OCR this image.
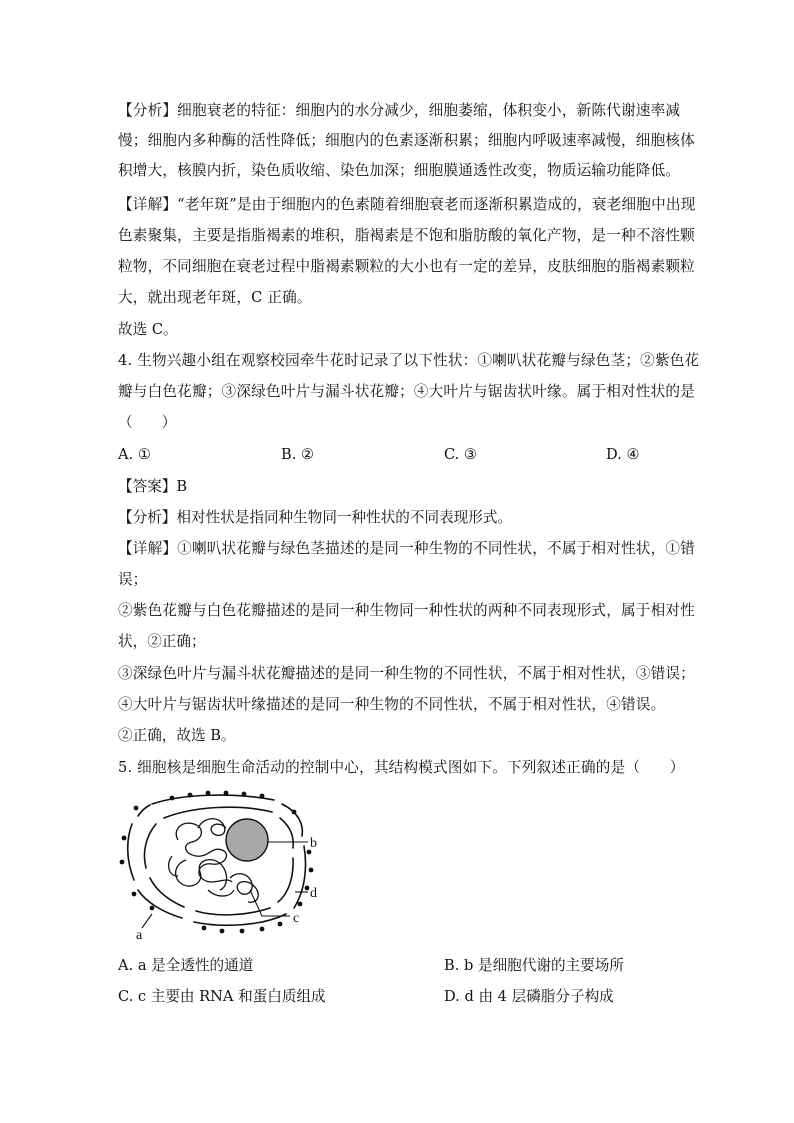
【分析】细胞衰老的特征：细胞内的水分减少，细胞萎缩，体积变小，新陈代谢速率减
慢；细胞内多种酶的活性降低；细胞内的色素逐渐积累；细胞内呼吸速率减慢，细胞核体
积增大，核膜内折，染色质收缩、染色加深；细胞膜通透性改变，物质运输功能降低。
【详解】“老年斑”是由于细胞内的色素随着细胞衰老而逐渐积累造成的，衰老细胞中出现
色素聚集，主要是指脂褐素的堆积，脂褐素是不饱和脂肪酸的氧化产物，是一种不溶性颗
粒物，不同细胞在衰老过程中脂褐素颗粒的大小也有一定的差异，皮肤细胞的脂褐素颗粒
大，就出现老年斑，C 正确。
故选 C。
4. 生物兴趣小组在观察校园牵牛花时记录了以下性状：①喇叭状花瓣与绿色茎；②紫色花
瓣与白色花瓣；③深绿色叶片与漏斗状花瓣；④大叶片与锯齿状叶缘。属于相对性状的是
（　　）
A. ①	B. ②	C. ③	D. ④
【答案】B
【分析】相对性状是指同种生物同一种性状的不同表现形式。
【详解】①喇叭状花瓣与绿色茎描述的是同一种生物的不同性状，不属于相对性状，①错
误；
②紫色花瓣与白色花瓣描述的是同一种生物同一种性状的两种不同表现形式，属于相对性
状，②正确；
③深绿色叶片与漏斗状花瓣描述的是同一种生物的不同性状，不属于相对性状，③错误；
④大叶片与锯齿状叶缘描述的是同一种生物的不同性状，不属于相对性状，④错误。
②正确，故选 B。
5. 细胞核是细胞生命活动的控制中心，其结构模式图如下。下列叙述正确的是（　　）
b
d
c
a
A. a 是全透性的通道	B. b 是细胞代谢的主要场所
C. c 主要由 RNA 和蛋白质组成	D. d 由 4 层磷脂分子构成
